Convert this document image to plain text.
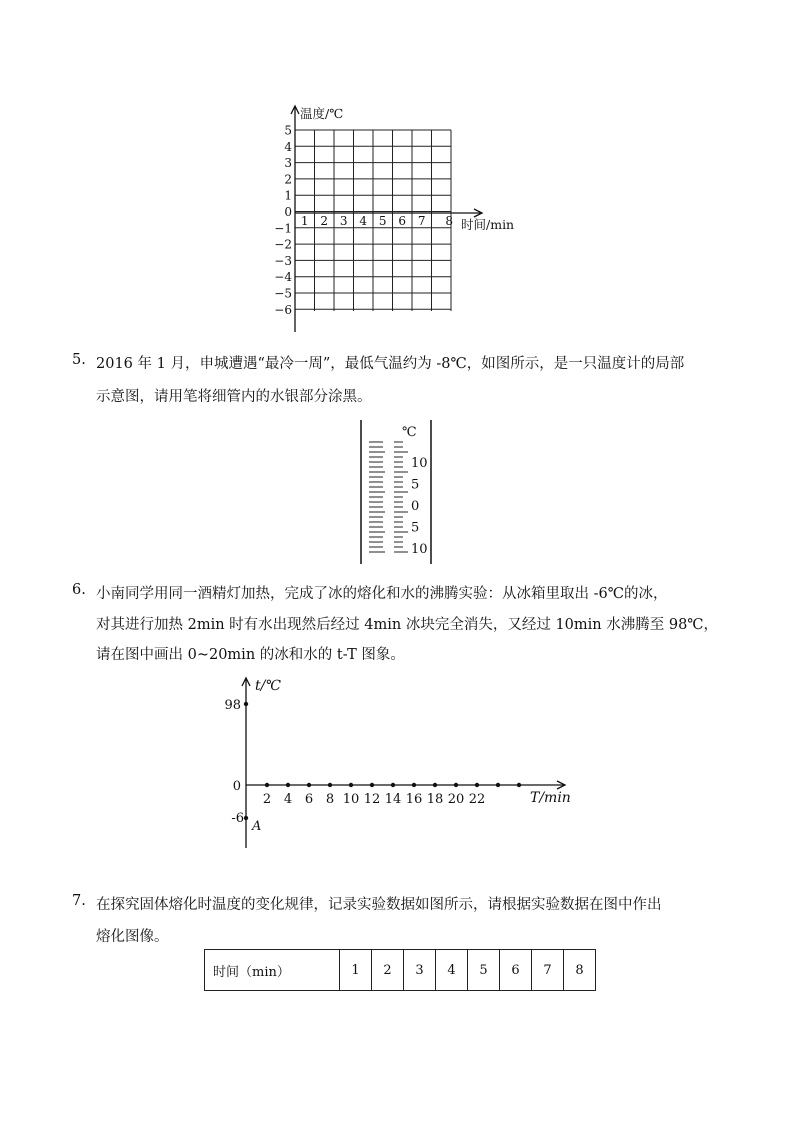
温度/℃
时间/min
5
4
3
2
1
0
−1
−2
−3
−4
−5
−6
1 2 3 4 5 6 7 8
5. 2016 年 1 月，申城遭遇“最冷一周”，最低气温约为 -8℃，如图所示，是一只温度计的局部
示意图，请用笔将细管内的水银部分涂黑。
℃
10
5
0
5
10
6. 小南同学用同一酒精灯加热，完成了冰的熔化和水的沸腾实验：从冰箱里取出 -6℃的冰，
对其进行加热 2min 时有水出现然后经过 4min 冰块完全消失，又经过 10min 水沸腾至 98℃，
请在图中画出 0~20min 的冰和水的 t-T 图象。
t/℃
T/min
98
0
-6
A
2 4 6 8 10 12 14 16 18 20 22
7. 在探究固体熔化时温度的变化规律，记录实验数据如图所示，请根据实验数据在图中作出
熔化图像。
时间（min）	1	2	3	4	5	6	7	8
